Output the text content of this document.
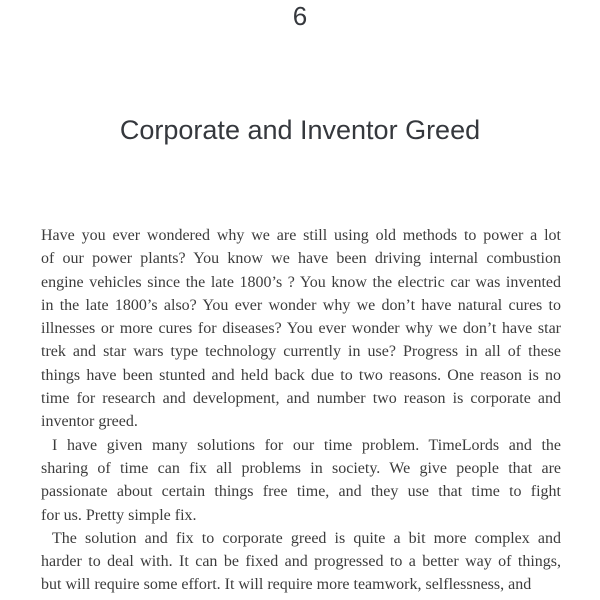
6
Corporate and Inventor Greed
Have you ever wondered why we are still using old methods to power a lot
of our power plants? You know we have been driving internal combustion
engine vehicles since the late 1800’s ? You know the electric car was invented
in the late 1800’s also? You ever wonder why we don’t have natural cures to
illnesses or more cures for diseases? You ever wonder why we don’t have star
trek and star wars type technology currently in use? Progress in all of these
things have been stunted and held back due to two reasons. One reason is no
time for research and development, and number two reason is corporate and
inventor greed.
I have given many solutions for our time problem. TimeLords and the
sharing of time can fix all problems in society. We give people that are
passionate about certain things free time, and they use that time to fight
for us. Pretty simple fix.
The solution and fix to corporate greed is quite a bit more complex and
harder to deal with. It can be fixed and progressed to a better way of things,
but will require some effort. It will require more teamwork, selflessness, and
